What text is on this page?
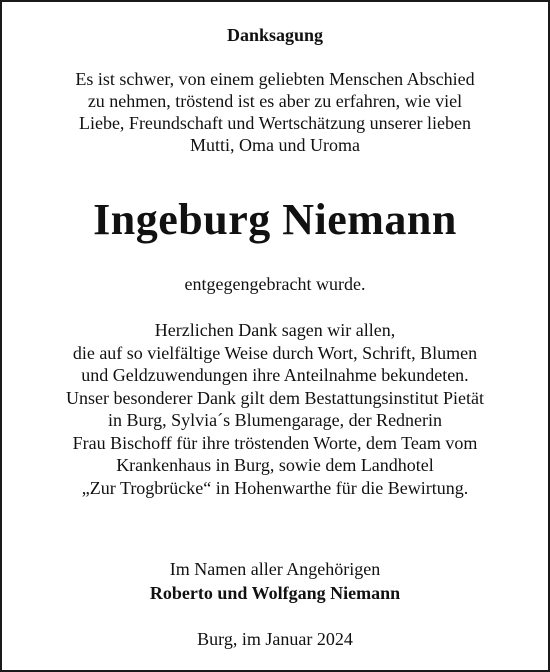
Danksagung
Es ist schwer, von einem geliebten Menschen Abschied
zu nehmen, tröstend ist es aber zu erfahren, wie viel
Liebe, Freundschaft und Wertschätzung unserer lieben
Mutti, Oma und Uroma
Ingeburg Niemann
entgegengebracht wurde.
Herzlichen Dank sagen wir allen,
die auf so vielfältige Weise durch Wort, Schrift, Blumen
und Geldzuwendungen ihre Anteilnahme bekundeten.
Unser besonderer Dank gilt dem Bestattungsinstitut Pietät
in Burg, Sylvia´s Blumengarage, der Rednerin
Frau Bischoff für ihre tröstenden Worte, dem Team vom
Krankenhaus in Burg, sowie dem Landhotel
„Zur Trogbrücke“ in Hohenwarthe für die Bewirtung.
Im Namen aller Angehörigen
Roberto und Wolfgang Niemann
Burg, im Januar 2024
